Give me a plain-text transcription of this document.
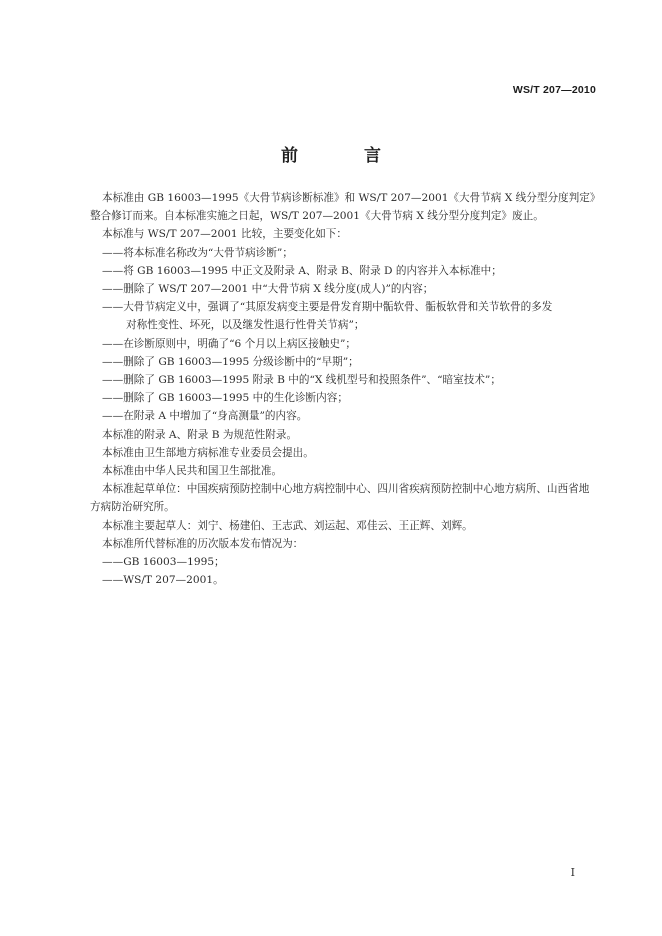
WS/T 207—2010
前 言

本标准由 GB 16003—1995《大骨节病诊断标准》和 WS/T 207—2001《大骨节病 X 线分型分度判定》整合修订而来。自本标准实施之日起，WS/T 207—2001《大骨节病 X 线分型分度判定》废止。

本标准与 WS/T 207—2001 比较，主要变化如下：

——将本标准名称改为“大骨节病诊断”；

——将 GB 16003—1995 中正文及附录 A、附录 B、附录 D 的内容并入本标准中；

——删除了 WS/T 207—2001 中“大骨节病 X 线分度(成人)”的内容；

——大骨节病定义中，强调了“其原发病变主要是骨发育期中骺软骨、骺板软骨和关节软骨的多发
对称性变性、坏死，以及继发性退行性骨关节病”；

——在诊断原则中，明确了“6 个月以上病区接触史”；

——删除了 GB 16003—1995 分级诊断中的“早期”；

——删除了 GB 16003—1995 附录 B 中的“X 线机型号和投照条件”、“暗室技术”；

——删除了 GB 16003—1995 中的生化诊断内容；

——在附录 A 中增加了“身高测量”的内容。

本标准的附录 A、附录 B 为规范性附录。

本标准由卫生部地方病标准专业委员会提出。

本标准由中华人民共和国卫生部批准。

本标准起草单位：中国疾病预防控制中心地方病控制中心、四川省疾病预防控制中心地方病所、山西省地方病防治研究所。

本标准主要起草人：刘宁、杨建伯、王志武、刘运起、邓佳云、王正辉、刘辉。

本标准所代替标准的历次版本发布情况为：

——GB 16003—1995；

——WS/T 207—2001。

I
